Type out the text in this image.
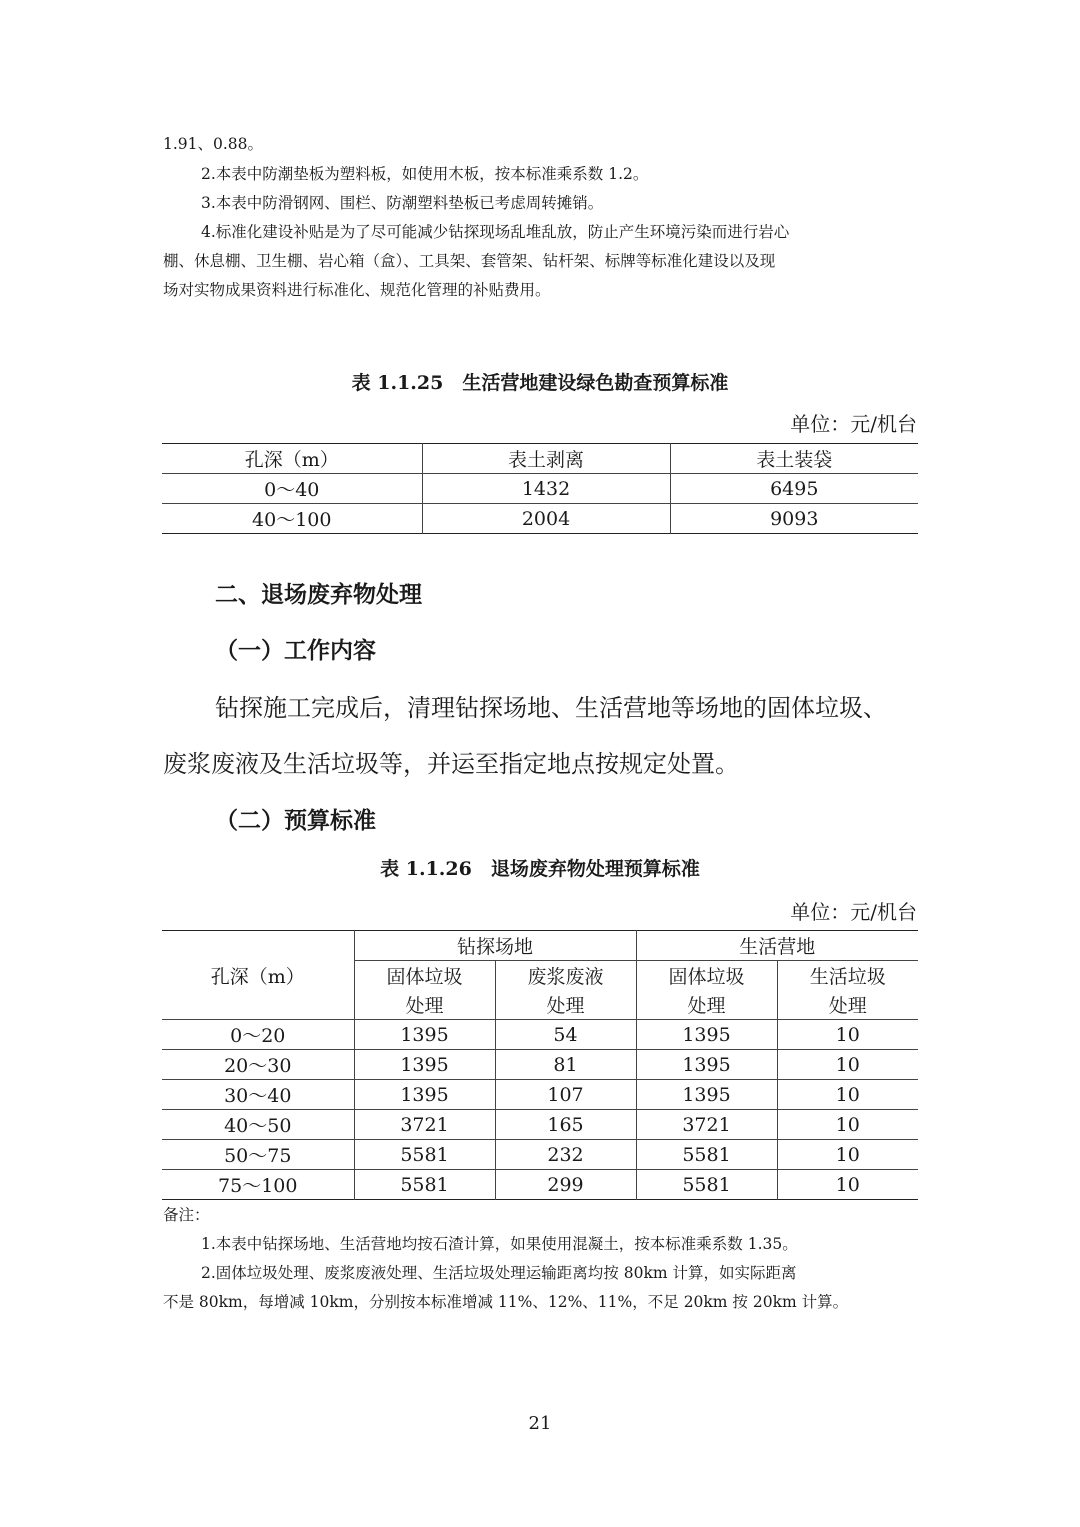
1.91、0.88。
2.本表中防潮垫板为塑料板，如使用木板，按本标准乘系数 1.2。
3.本表中防滑钢网、围栏、防潮塑料垫板已考虑周转摊销。
4.标准化建设补贴是为了尽可能减少钻探现场乱堆乱放，防止产生环境污染而进行岩心
棚、休息棚、卫生棚、岩心箱（盒）、工具架、套管架、钻杆架、标牌等标准化建设以及现
场对实物成果资料进行标准化、规范化管理的补贴费用。
表 1.1.25　生活营地建设绿色勘查预算标准
单位：元/机台
孔深（m）	表土剥离	表土装袋
0～40	1432	6495
40～100	2004	9093
二、退场废弃物处理
（一）工作内容
钻探施工完成后，清理钻探场地、生活营地等场地的固体垃圾、
废浆废液及生活垃圾等，并运至指定地点按规定处置。
（二）预算标准
表 1.1.26　退场废弃物处理预算标准
单位：元/机台
孔深（m）	钻探场地		生活营地	
	固体垃圾	废浆废液	固体垃圾	生活垃圾
	处理	处理	处理	处理
0～20	1395	54	1395	10
20～30	1395	81	1395	10
30～40	1395	107	1395	10
40～50	3721	165	3721	10
50～75	5581	232	5581	10
75～100	5581	299	5581	10
备注：
1.本表中钻探场地、生活营地均按石渣计算，如果使用混凝土，按本标准乘系数 1.35。
2.固体垃圾处理、废浆废液处理、生活垃圾处理运输距离均按 80km 计算，如实际距离
不是 80km，每增减 10km，分别按本标准增减 11%、12%、11%，不足 20km 按 20km 计算。
21
